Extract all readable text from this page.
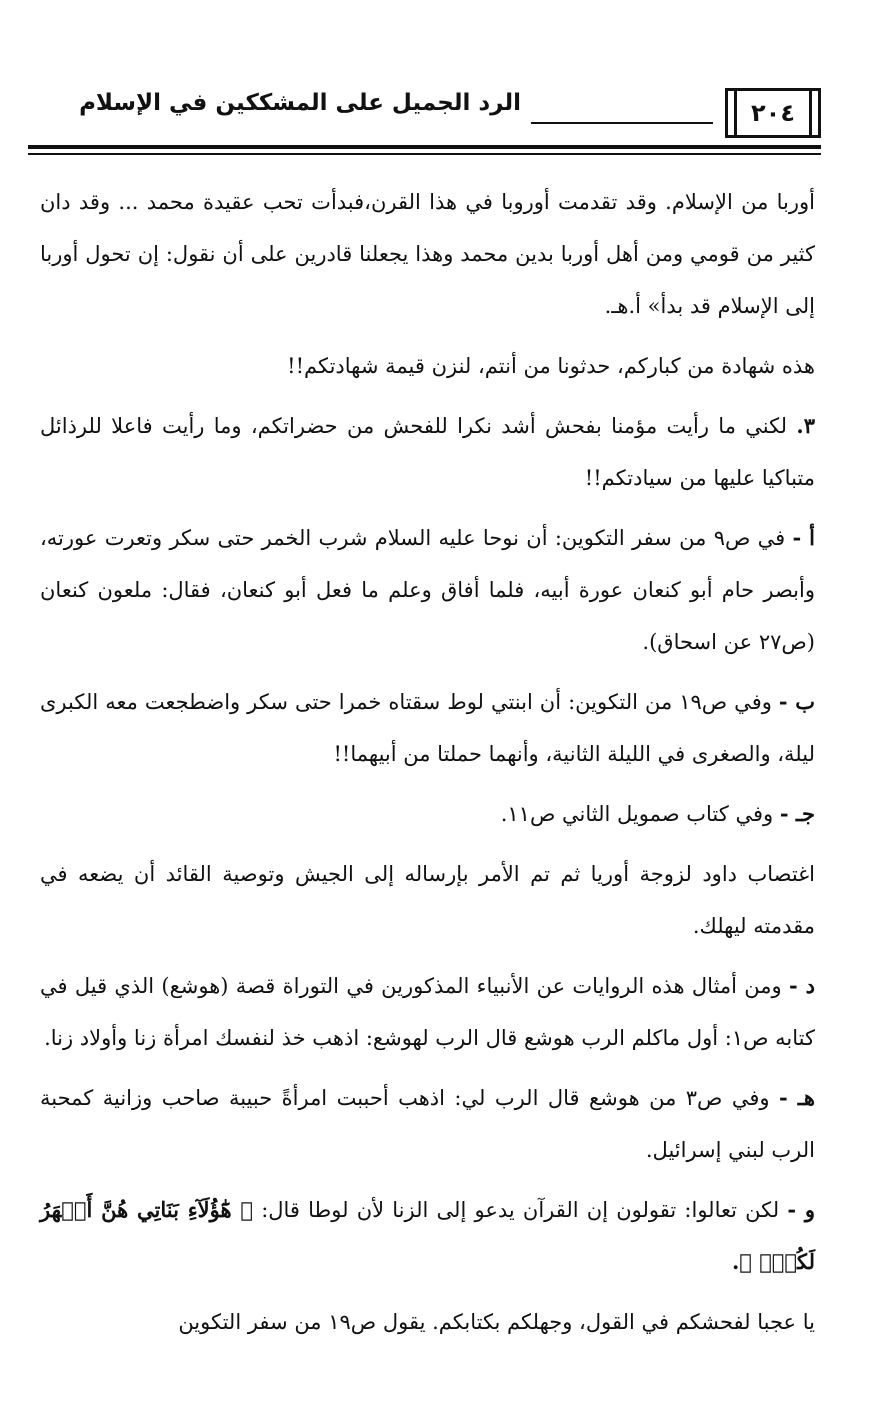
٢٠٤
الرد الجميل على المشككين في الإسلام

أوربا من الإسلام. وقد تقدمت أوروبا في هذا القرن،فبدأت تحب عقيدة محمد ... وقد دان كثير من قومي ومن أهل أوربا بدين محمد وهذا يجعلنا قادرين على أن نقول: إن تحول أوربا إلى الإسلام قد بدأ» أ.هـ.

هذه شهادة من كباركم، حدثونا من أنتم، لنزن قيمة شهادتكم!!

٣. لكني ما رأيت مؤمنا بفحش أشد نكرا للفحش من حضراتكم، وما رأيت فاعلا للرذائل متباكيا عليها من سيادتكم!!

أ - في ص٩ من سفر التكوين: أن نوحا عليه السلام شرب الخمر حتى سكر وتعرت عورته، وأبصر حام أبو كنعان عورة أبيه، فلما أفاق وعلم ما فعل أبو كنعان، فقال: ملعون كنعان (ص٢٧ عن اسحاق).

ب - وفي ص١٩ من التكوين: أن ابنتي لوط سقتاه خمرا حتى سكر واضطجعت معه الكبرى ليلة، والصغرى في الليلة الثانية، وأنهما حملتا من أبيهما!!

جـ - وفي كتاب صمويل الثاني ص١١.

اغتصاب داود لزوجة أوريا ثم تم الأمر بإرساله إلى الجيش وتوصية القائد أن يضعه في مقدمته ليهلك.

د - ومن أمثال هذه الروايات عن الأنبياء المذكورين في التوراة قصة (هوشع) الذي قيل في كتابه ص١: أول ماكلم الرب هوشع قال الرب لهوشع: اذهب خذ لنفسك امرأة زنا وأولاد زنا.

هـ - وفي ص٣ من هوشع قال الرب لي: اذهب أحببت امرأةً حبيبة صاحب وزانية كمحبة الرب لبني إسرائيل.

و - لكن تعالوا: تقولون إن القرآن يدعو إلى الزنا لأن لوطا قال: ﴿ هَٰٓؤُلَآءِ بَنَاتِي هُنَّ أَطۡهَرُ لَكُمۡۖ ﴾.

يا عجبا لفحشكم في القول، وجهلكم بكتابكم. يقول ص١٩ من سفر التكوين
